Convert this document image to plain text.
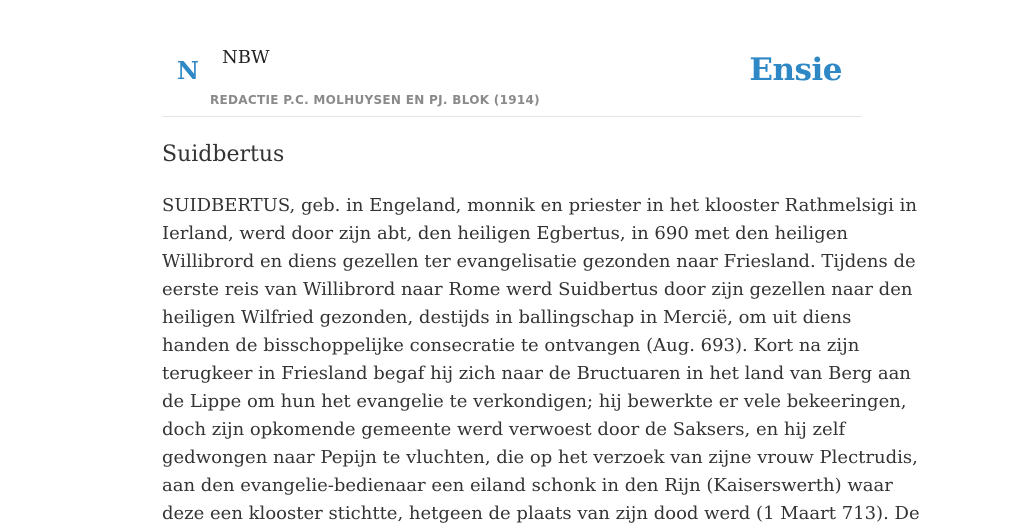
N NBW
REDACTIE P.C. MOLHUYSEN EN PJ. BLOK (1914)
Ensie
Suidbertus
SUIDBERTUS, geb. in Engeland, monnik en priester in het klooster Rathmelsigi in
Ierland, werd door zijn abt, den heiligen Egbertus, in 690 met den heiligen
Willibrord en diens gezellen ter evangelisatie gezonden naar Friesland. Tijdens de
eerste reis van Willibrord naar Rome werd Suidbertus door zijn gezellen naar den
heiligen Wilfried gezonden, destijds in ballingschap in Mercië, om uit diens
handen de bisschoppelijke consecratie te ontvangen (Aug. 693). Kort na zijn
terugkeer in Friesland begaf hij zich naar de Bructuaren in het land van Berg aan
de Lippe om hun het evangelie te verkondigen; hij bewerkte er vele bekeeringen,
doch zijn opkomende gemeente werd verwoest door de Saksers, en hij zelf
gedwongen naar Pepijn te vluchten, die op het verzoek van zijne vrouw Plectrudis,
aan den evangelie-bedienaar een eiland schonk in den Rijn (Kaiserswerth) waar
deze een klooster stichtte, hetgeen de plaats van zijn dood werd (1 Maart 713). De
